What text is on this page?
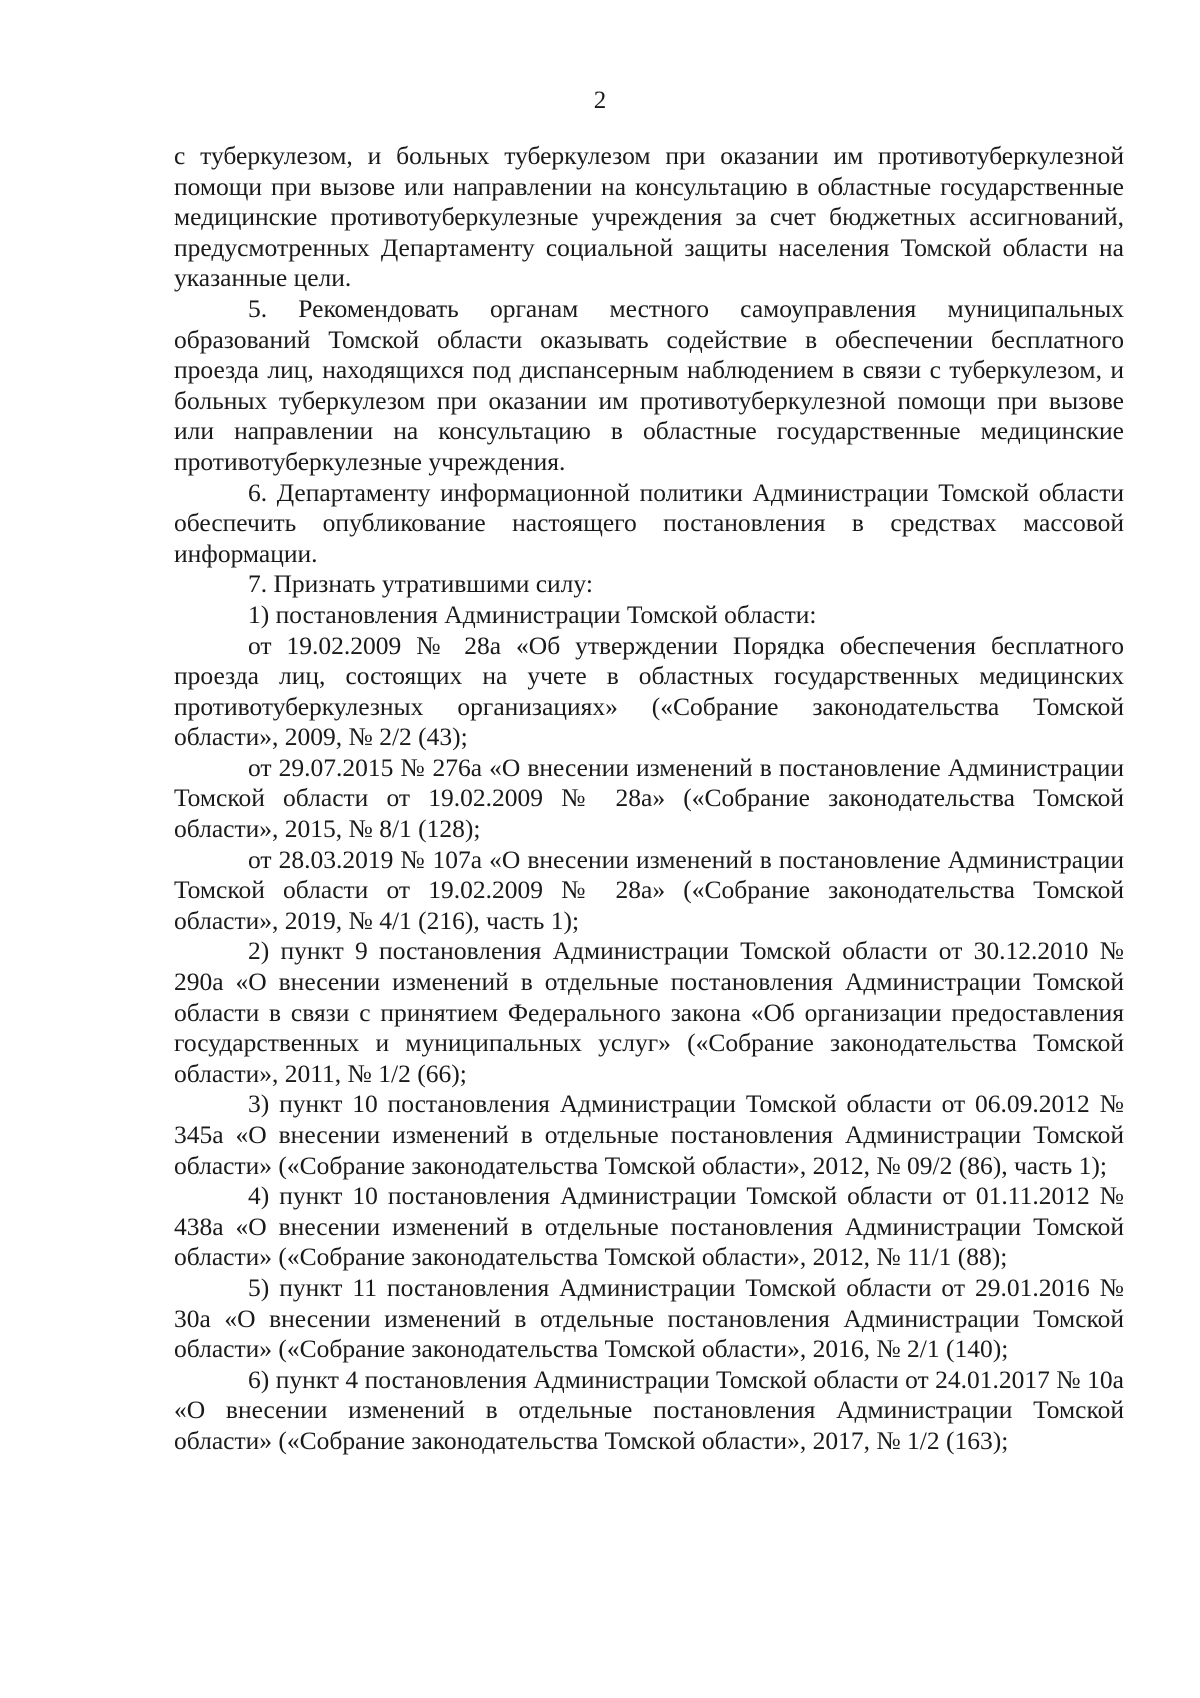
2

с туберкулезом, и больных туберкулезом при оказании им противотуберкулезной помощи при вызове или направлении на консультацию в областные государственные медицинские противотуберкулезные учреждения за счет бюджетных ассигнований, предусмотренных Департаменту социальной защиты населения Томской области на указанные цели.

5. Рекомендовать органам местного самоуправления муниципальных образований Томской области оказывать содействие в обеспечении бесплатного проезда лиц, находящихся под диспансерным наблюдением в связи с туберкулезом, и больных туберкулезом при оказании им противотуберкулезной помощи при вызове или направлении на консультацию в областные государственные медицинские противотуберкулезные учреждения.

6. Департаменту информационной политики Администрации Томской области обеспечить опубликование настоящего постановления в средствах массовой информации.

7. Признать утратившими силу:

1) постановления Администрации Томской области:

от 19.02.2009 № 28а «Об утверждении Порядка обеспечения бесплатного проезда лиц, состоящих на учете в областных государственных медицинских противотуберкулезных организациях» («Собрание законодательства Томской области», 2009, № 2/2 (43);

от 29.07.2015 № 276а «О внесении изменений в постановление Администрации Томской области от 19.02.2009 № 28а» («Собрание законодательства Томской области», 2015, № 8/1 (128);

от 28.03.2019 № 107а «О внесении изменений в постановление Администрации Томской области от 19.02.2009 № 28а» («Собрание законодательства Томской области», 2019, № 4/1 (216), часть 1);

2) пункт 9 постановления Администрации Томской области от 30.12.2010 № 290а «О внесении изменений в отдельные постановления Администрации Томской области в связи с принятием Федерального закона «Об организации предоставления государственных и муниципальных услуг» («Собрание законодательства Томской области», 2011, № 1/2 (66);

3) пункт 10 постановления Администрации Томской области от 06.09.2012 № 345а «О внесении изменений в отдельные постановления Администрации Томской области» («Собрание законодательства Томской области», 2012, № 09/2 (86), часть 1);

4) пункт 10 постановления Администрации Томской области от 01.11.2012 № 438а «О внесении изменений в отдельные постановления Администрации Томской области» («Собрание законодательства Томской области», 2012, № 11/1 (88);

5) пункт 11 постановления Администрации Томской области от 29.01.2016 № 30а «О внесении изменений в отдельные постановления Администрации Томской области» («Собрание законодательства Томской области», 2016, № 2/1 (140);

6) пункт 4 постановления Администрации Томской области от 24.01.2017 № 10а «О внесении изменений в отдельные постановления Администрации Томской области» («Собрание законодательства Томской области», 2017, № 1/2 (163);
